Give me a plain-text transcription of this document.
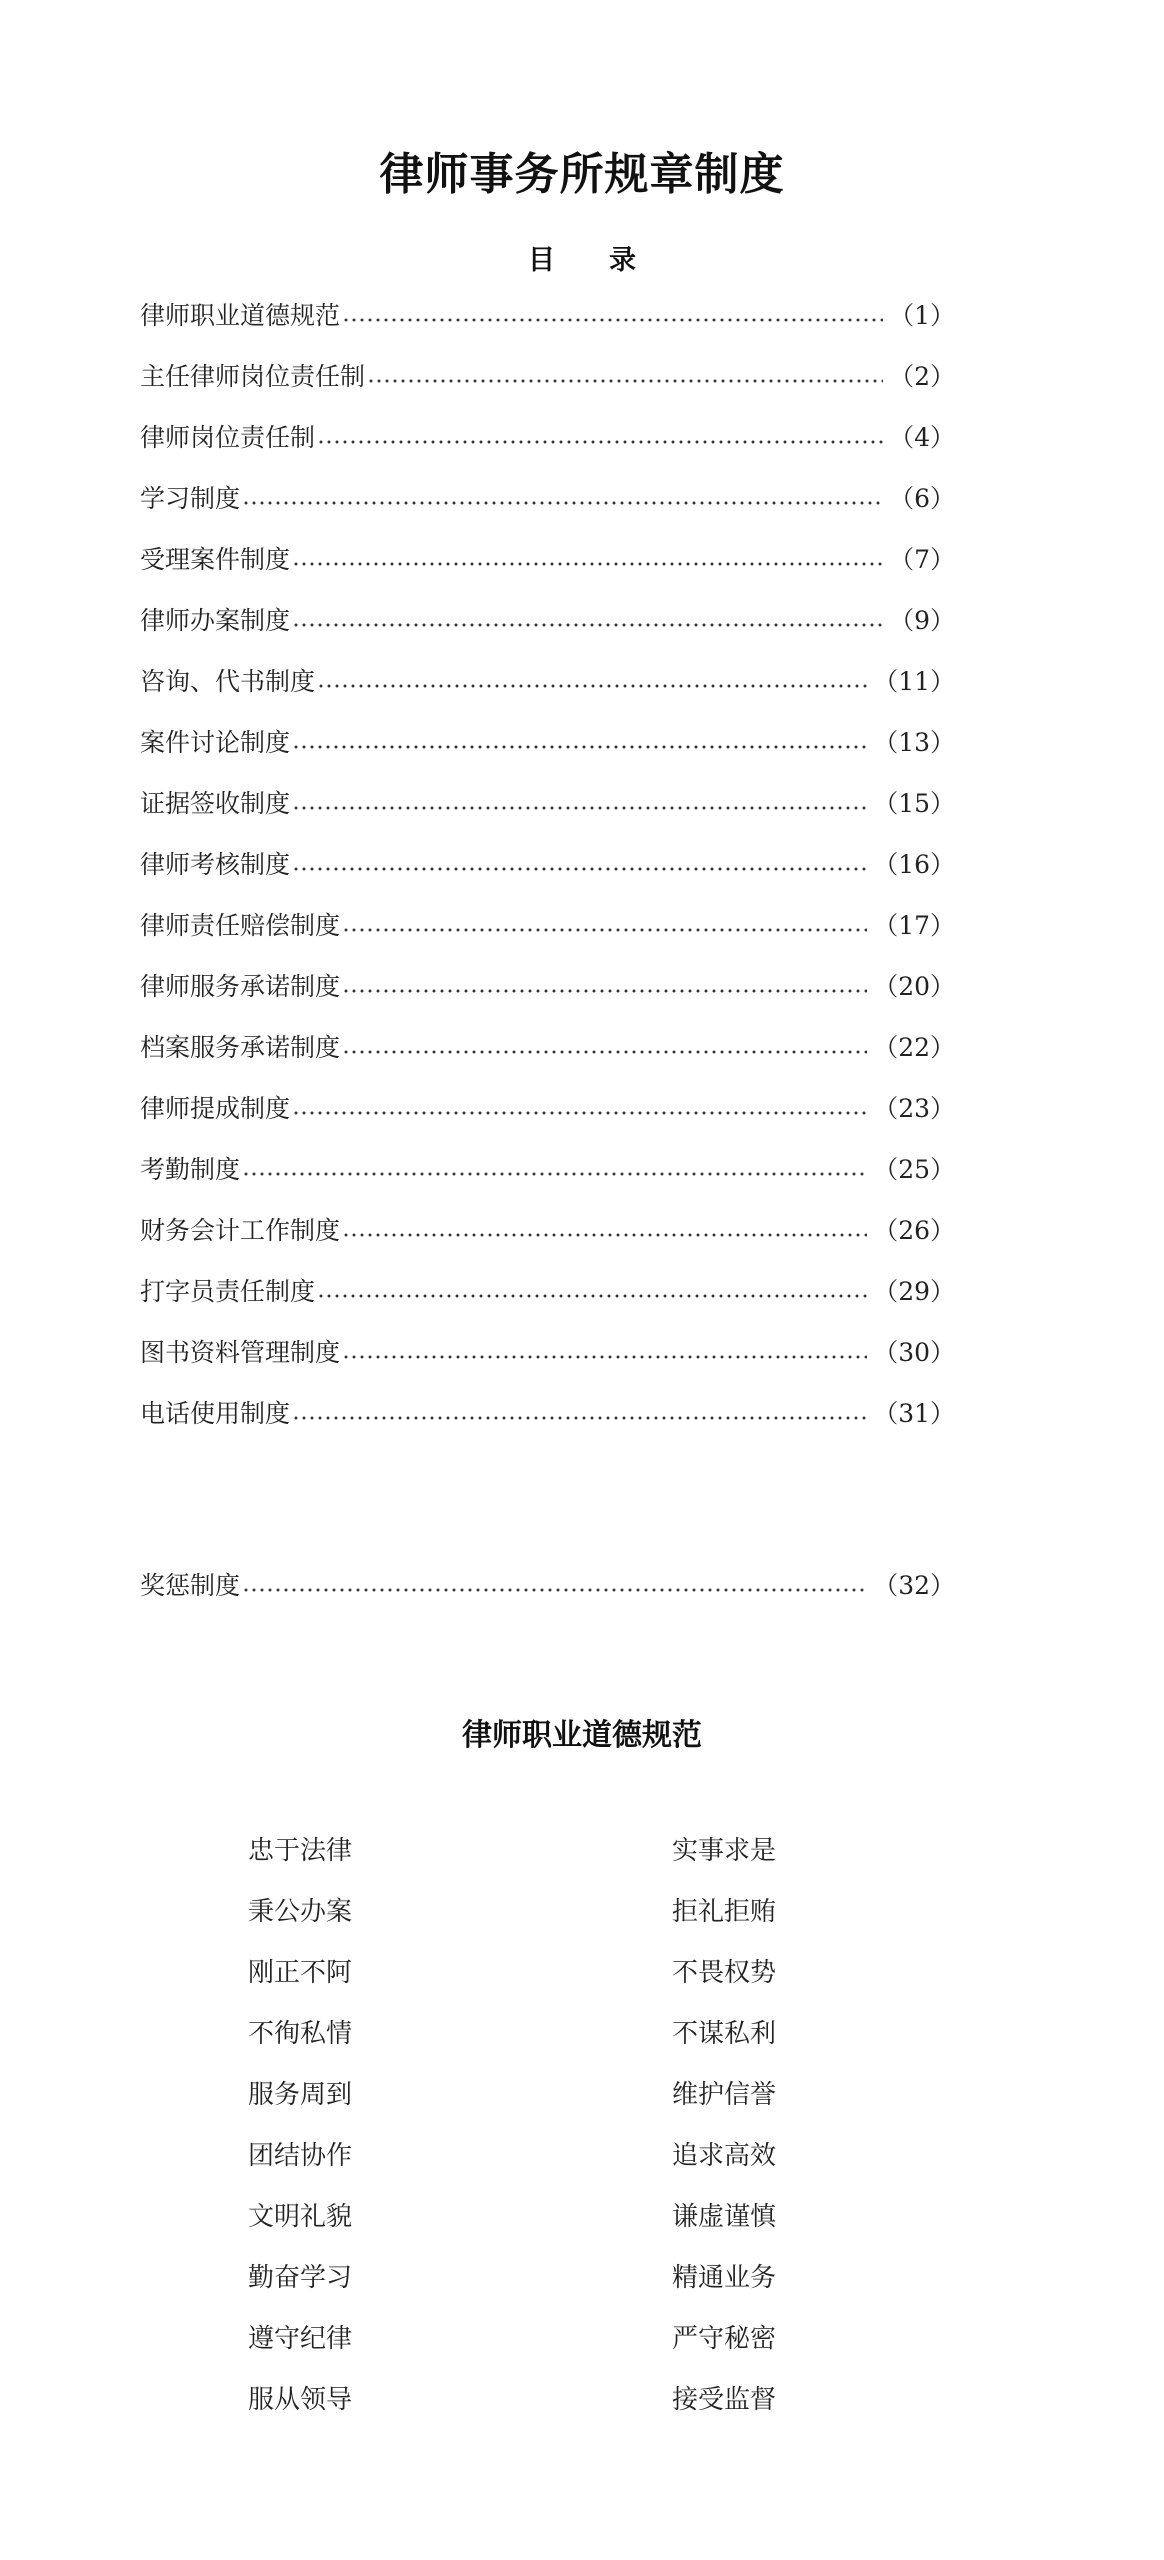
律师事务所规章制度
目录
律师职业道德规范	（1）
主任律师岗位责任制	（2）
律师岗位责任制	（4）
学习制度	（6）
受理案件制度	（7）
律师办案制度	（9）
咨询、代书制度	（11）
案件讨论制度	（13）
证据签收制度	（15）
律师考核制度	（16）
律师责任赔偿制度	（17）
律师服务承诺制度	（20）
档案服务承诺制度	（22）
律师提成制度	（23）
考勤制度	（25）
财务会计工作制度	（26）
打字员责任制度	（29）
图书资料管理制度	（30）
电话使用制度	（31）
奖惩制度	（32）
律师职业道德规范
忠于法律	实事求是
秉公办案	拒礼拒贿
刚正不阿	不畏权势
不徇私情	不谋私利
服务周到	维护信誉
团结协作	追求高效
文明礼貌	谦虚谨慎
勤奋学习	精通业务
遵守纪律	严守秘密
服从领导	接受监督
